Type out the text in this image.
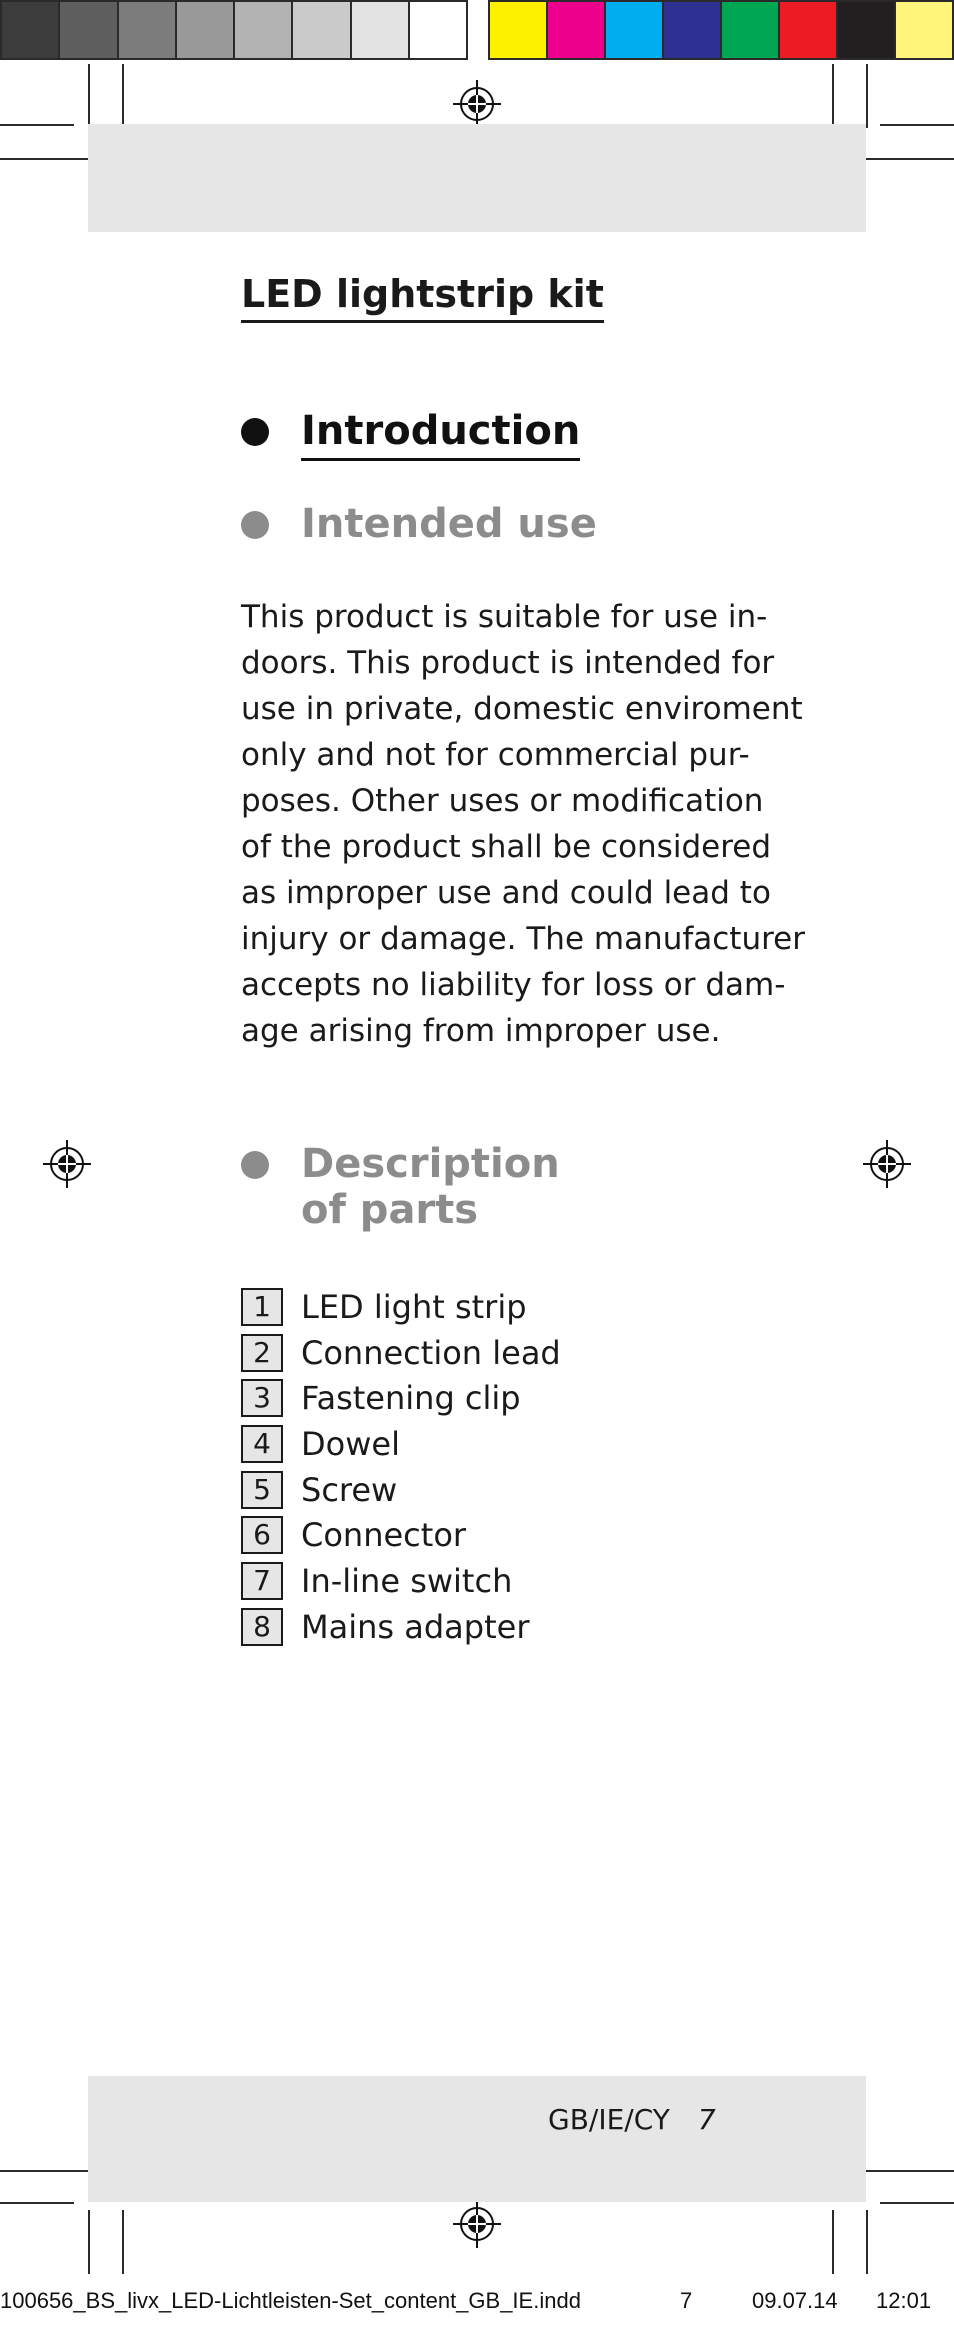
LED lightstrip kit
Introduction
Intended use
This product is suitable for use in-
doors. This product is intended for
use in private, domestic enviroment
only and not for commercial pur-
poses. Other uses or modification
of the product shall be considered
as improper use and could lead to
injury or damage. The manufacturer
accepts no liability for loss or dam-
age arising from improper use.
Description
of parts
1 LED light strip
2 Connection lead
3 Fastening clip
4 Dowel
5 Screw
6 Connector
7 In-line switch
8 Mains adapter
GB/IE/CY 7
100656_BS_livx_LED-Lichtleisten-Set_content_GB_IE.indd	7	09.07.14 12:01
